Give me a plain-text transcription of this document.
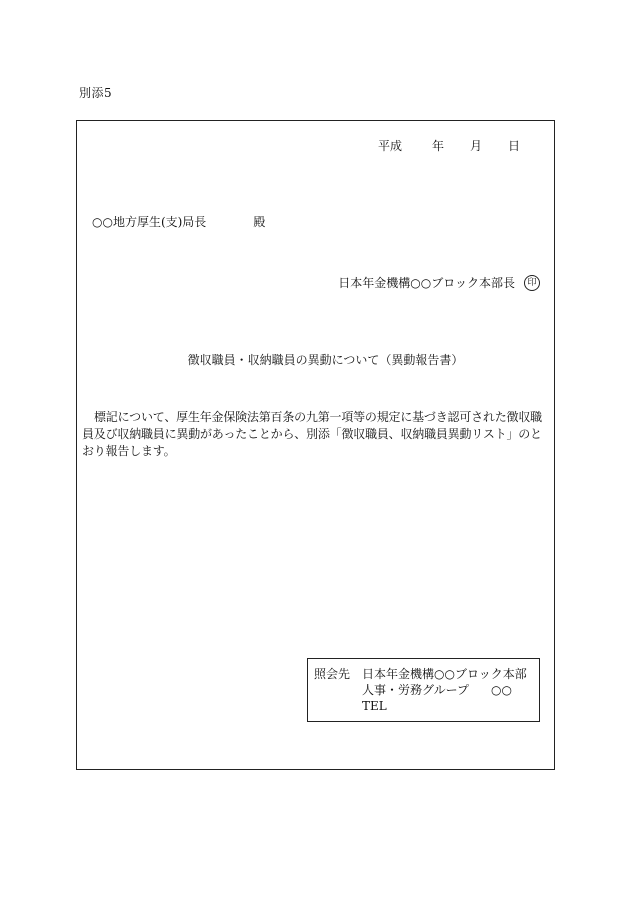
別添5
平成	年 月 日
○○地方厚生(支)局長	殿
日本年金機構○○ブロック本部長	印
徴収職員・収納職員の異動について（異動報告書）
標記について、厚生年金保険法第百条の九第一項等の規定に基づき認可された徴収職員及び収納職員に異動があったことから、別添「徴収職員、収納職員異動リスト」のとおり報告します。
照会先 日本年金機構○○ブロック本部
人事・労務グループ ○○
TEL
